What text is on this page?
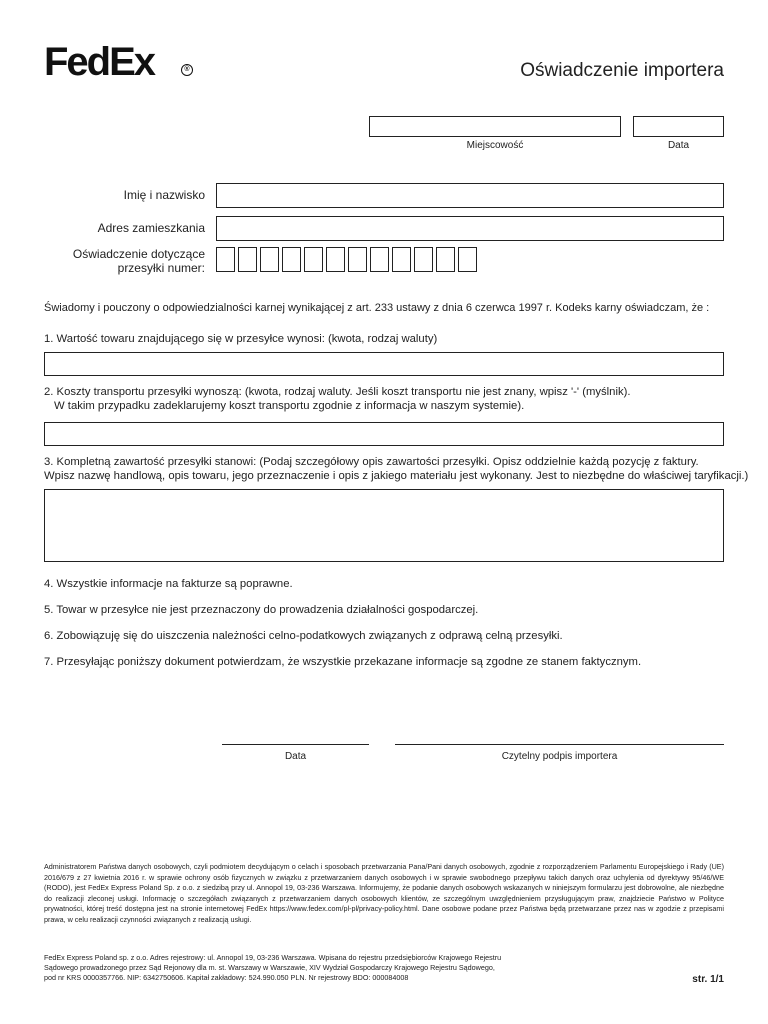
FedEx	®	Oświadczenie importera
Miejscowość	Data
Imię i nazwisko
Adres zamieszkania
Oświadczenie dotyczące
przesyłki numer:
Świadomy i pouczony o odpowiedzialności karnej wynikającej z art. 233 ustawy z dnia 6 czerwca 1997 r. Kodeks karny oświadczam, że :
1. Wartość towaru znajdującego się w przesyłce wynosi: (kwota, rodzaj waluty)
2. Koszty transportu przesyłki wynoszą: (kwota, rodzaj waluty. Jeśli koszt transportu nie jest znany, wpisz '-' (myślnik).
W takim przypadku zadeklarujemy koszt transportu zgodnie z informacja w naszym systemie).
3. Kompletną zawartość przesyłki stanowi: (Podaj szczegółowy opis zawartości przesyłki. Opisz oddzielnie każdą pozycję z faktury.
Wpisz nazwę handlową, opis towaru, jego przeznaczenie i opis z jakiego materiału jest wykonany. Jest to niezbędne do właściwej taryfikacji.)
4. Wszystkie informacje na fakturze są poprawne.
5. Towar w przesyłce nie jest przeznaczony do prowadzenia działalności gospodarczej.
6. Zobowiązuję się do uiszczenia należności celno-podatkowych związanych z odprawą celną przesyłki.
7. Przesyłając poniższy dokument potwierdzam, że wszystkie przekazane informacje są zgodne ze stanem faktycznym.
Data	Czytelny podpis importera
Administratorem Państwa danych osobowych, czyli podmiotem decydującym o celach i sposobach przetwarzania Pana/Pani danych osobowych, zgodnie z rozporządzeniem Parlamentu Europejskiego i Rady (UE) 2016/679 z 27 kwietnia 2016 r. w sprawie ochrony osób fizycznych w związku z przetwarzaniem danych osobowych i w sprawie swobodnego przepływu takich danych oraz uchylenia od dyrektywy 95/46/WE (RODO), jest FedEx Express Poland Sp. z o.o. z siedzibą przy ul. Annopol 19, 03-236 Warszawa. Informujemy, że podanie danych osobowych wskazanych w niniejszym formularzu jest dobrowolne, ale niezbędne do realizacji zleconej usługi. Informację o szczegółach związanych z przetwarzaniem danych osobowych klientów, ze szczególnym uwzględnieniem przysługującym praw, znajdziecie Państwo w Polityce prywatności, której treść dostępna jest na stronie internetowej FedEx https://www.fedex.com/pl-pl/privacy-policy.html. Dane osobowe podane przez Państwa będą przetwarzane przez nas w zgodzie z przepisami prawa, w celu realizacji czynności związanych z realizacją usługi.
FedEx Express Poland sp. z o.o. Adres rejestrowy: ul. Annopol 19, 03-236 Warszawa. Wpisana do rejestru przedsiębiorców Krajowego Rejestru
Sądowego prowadzonego przez Sąd Rejonowy dla m. st. Warszawy w Warszawie, XIV Wydział Gospodarczy Krajowego Rejestru Sądowego,
pod nr KRS 0000357766. NIP: 6342750606. Kapitał zakładowy: 524.990.050 PLN. Nr rejestrowy BDO: 000084008	str. 1/1
